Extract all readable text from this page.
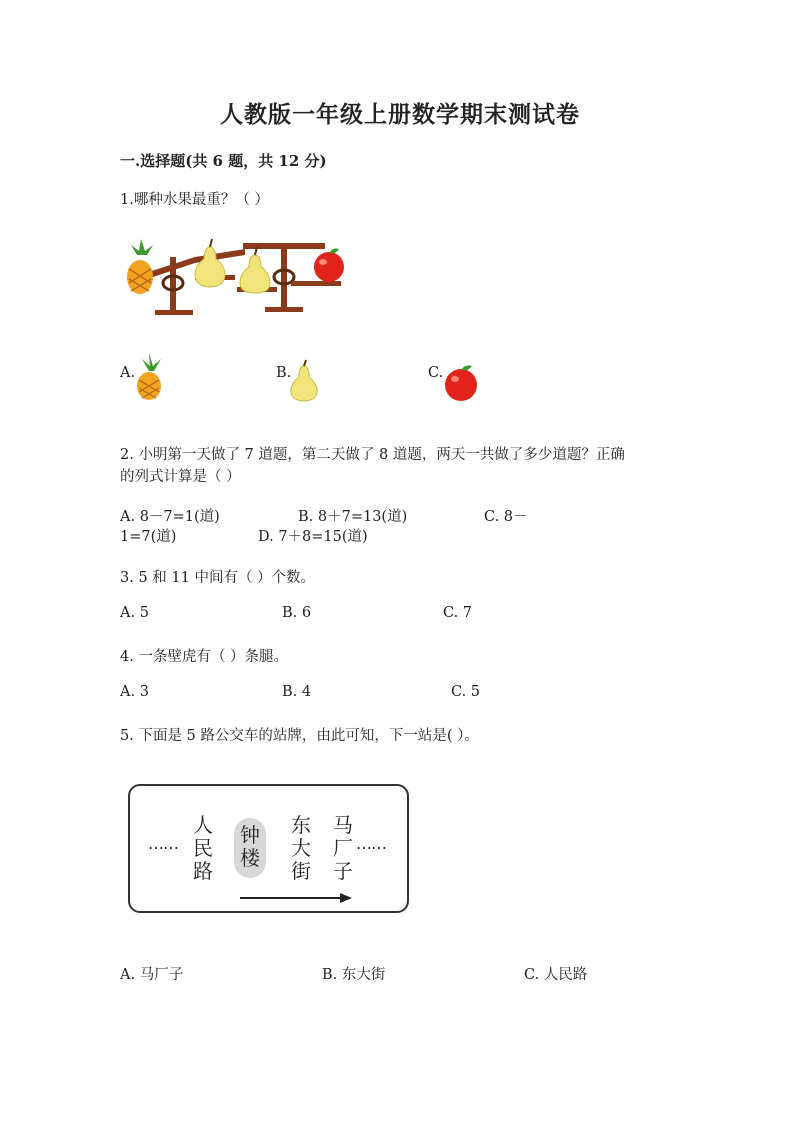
人教版一年级上册数学期末测试卷
一.选择题(共 6 题，共 12 分)
1.哪种水果最重？（ ）
A.	B.	C.
2. 小明第一天做了 7 道题，第二天做了 8 道题，两天一共做了多少道题？正确
的列式计算是（ ）
A. 8－7=1(道)	B. 8＋7=13(道)	C. 8－
1=7(道)	D. 7＋8=15(道)
3. 5 和 11 中间有（ ）个数。
A. 5	B. 6	C. 7
4. 一条壁虎有（ ）条腿。
A. 3	B. 4	C. 5
5. 下面是 5 路公交车的站牌，由此可知，下一站是( ）。
……
人民路
钟楼
东大街
马厂子
……
A. 马厂子	B. 东大街	C. 人民路
